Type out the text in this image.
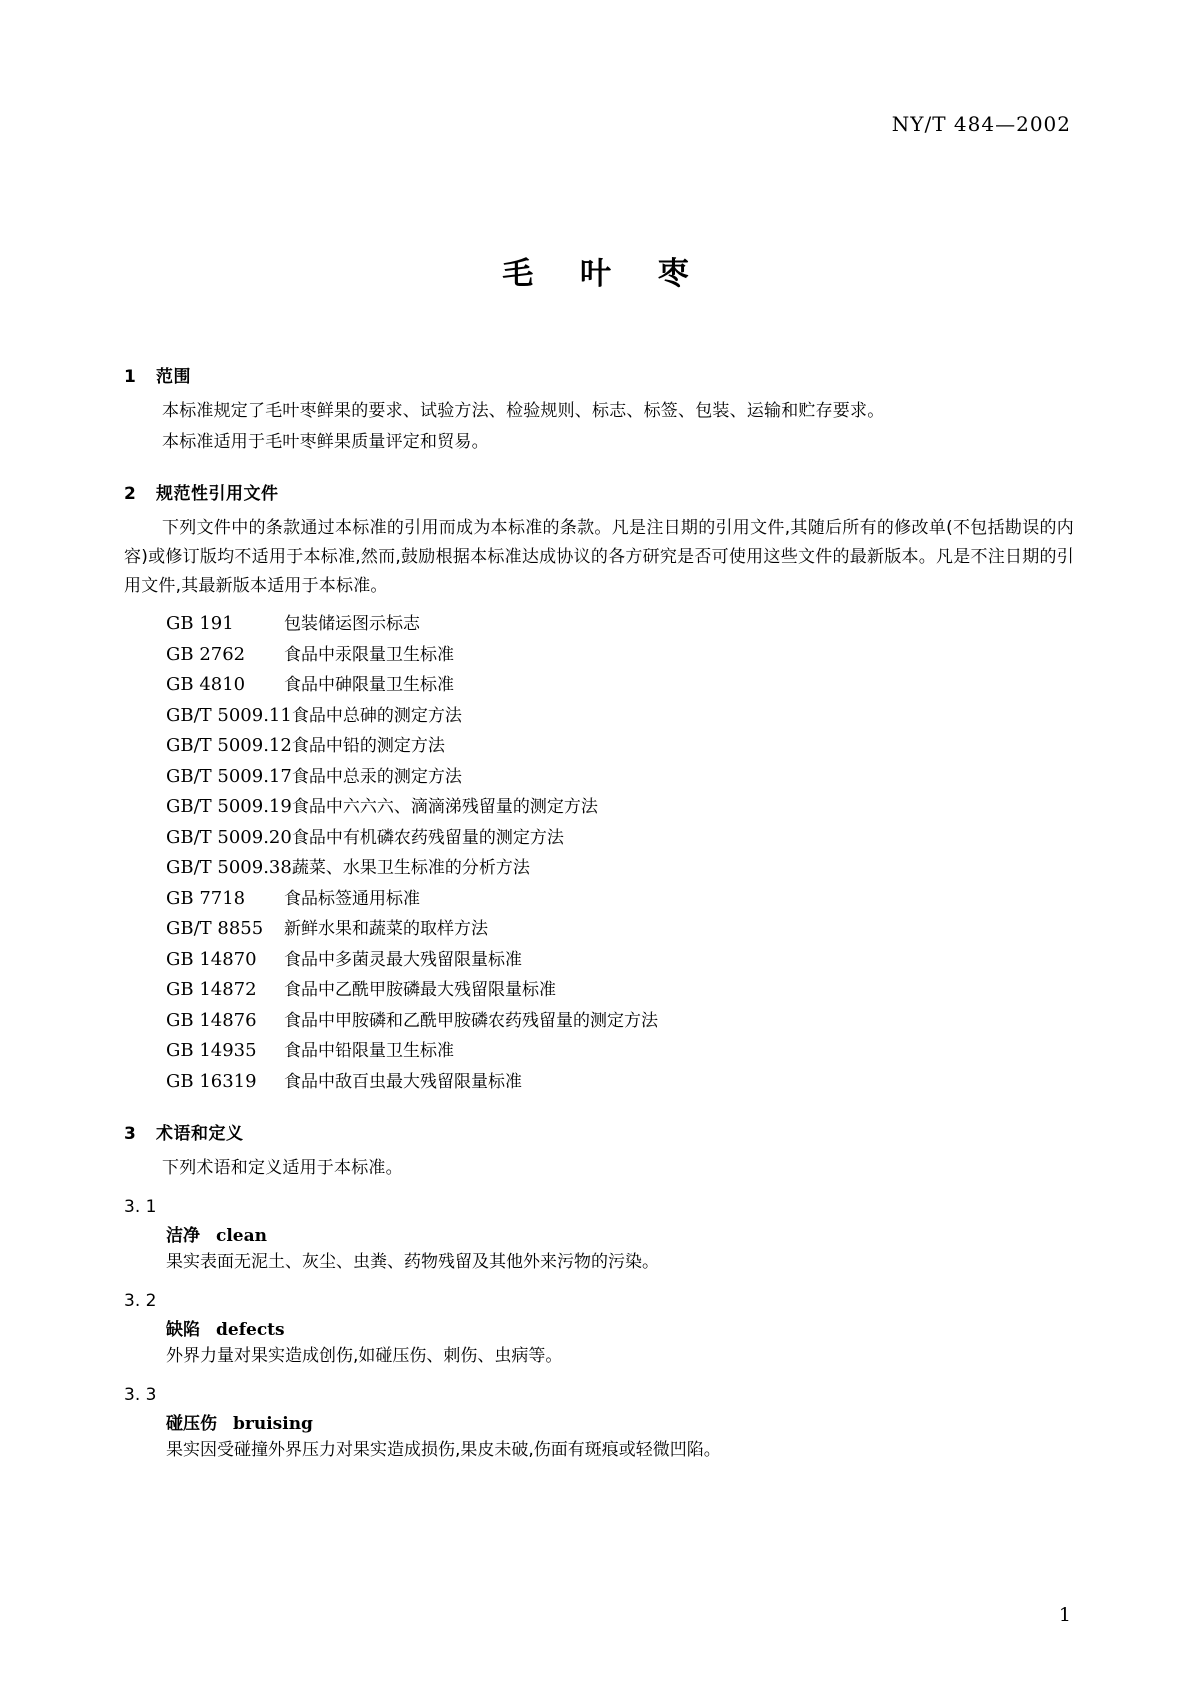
NY/T 484—2002
毛 叶 枣
1 范围

本标准规定了毛叶枣鲜果的要求、试验方法、检验规则、标志、标签、包装、运输和贮存要求。

本标准适用于毛叶枣鲜果质量评定和贸易。

2 规范性引用文件

下列文件中的条款通过本标准的引用而成为本标准的条款。凡是注日期的引用文件,其随后所有的修改单(不包括勘误的内容)或修订版均不适用于本标准,然而,鼓励根据本标准达成协议的各方研究是否可使用这些文件的最新版本。凡是不注日期的引用文件,其最新版本适用于本标准。

GB 191	包装储运图示标志
GB 2762 食品中汞限量卫生标准
GB 4810 食品中砷限量卫生标准
GB/T 5009.11食品中总砷的测定方法
GB/T 5009.12食品中铅的测定方法
GB/T 5009.17食品中总汞的测定方法
GB/T 5009.19食品中六六六、滴滴涕残留量的测定方法
GB/T 5009.20食品中有机磷农药残留量的测定方法
GB/T 5009.38蔬菜、水果卫生标准的分析方法
GB 7718 食品标签通用标准
GB/T 8855 新鲜水果和蔬菜的取样方法
GB 14870 食品中多菌灵最大残留限量标准
GB 14872 食品中乙酰甲胺磷最大残留限量标准
GB 14876 食品中甲胺磷和乙酰甲胺磷农药残留量的测定方法
GB 14935 食品中铅限量卫生标准
GB 16319 食品中敌百虫最大残留限量标准
3 术语和定义

下列术语和定义适用于本标准。

3. 1
洁净 clean
果实表面无泥土、灰尘、虫粪、药物残留及其他外来污物的污染。
3. 2
缺陷 defects
外界力量对果实造成创伤,如碰压伤、刺伤、虫病等。
3. 3
碰压伤 bruising
果实因受碰撞外界压力对果实造成损伤,果皮未破,伤面有斑痕或轻微凹陷。
1
